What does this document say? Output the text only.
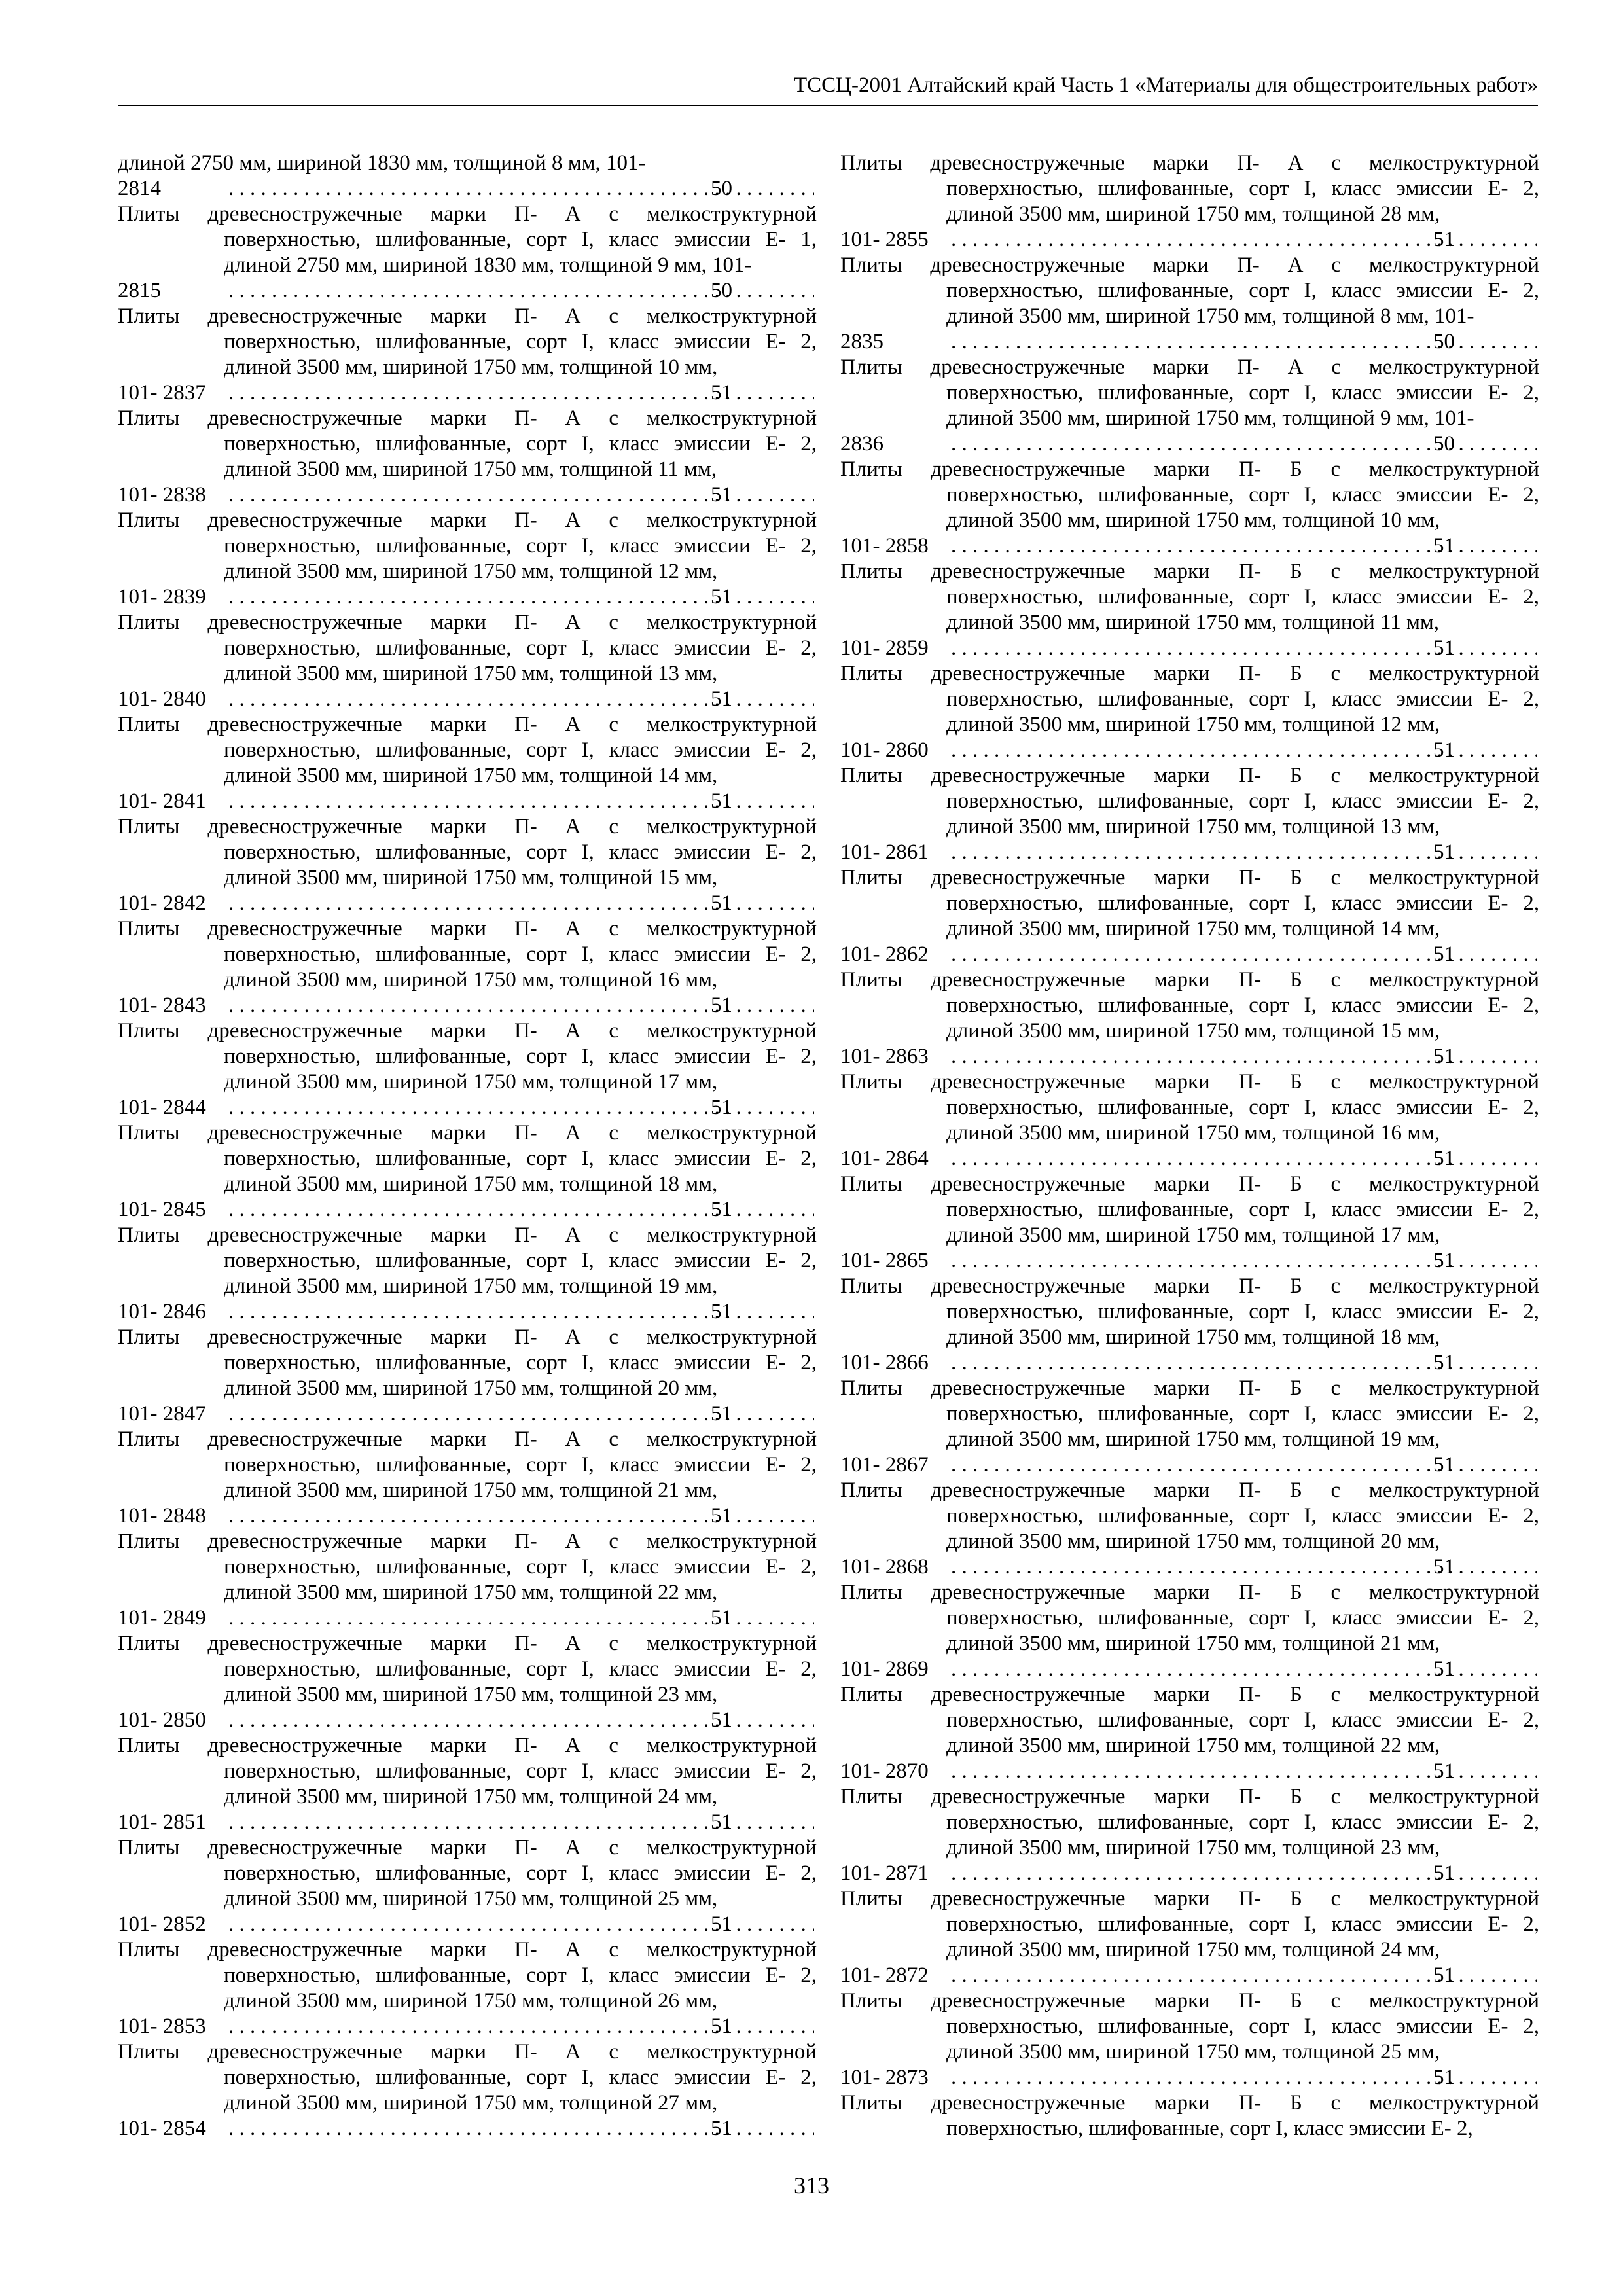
ТССЦ-2001 Алтайский край Часть 1 «Материалы для общестроительных работ»
длиной 2750 мм, шириной 1830 мм, толщиной 8 мм, 101-
2814 . . .	50
Плиты древесностружечные марки П- А с мелкоструктурной поверхностью, шлифованные, сорт I, класс эмиссии Е- 1, длиной 2750 мм, шириной 1830 мм, толщиной 9 мм, 101-
2815 . . .	50
Плиты древесностружечные марки П- А с мелкоструктурной поверхностью, шлифованные, сорт I, класс эмиссии Е- 2, длиной 3500 мм, шириной 1750 мм, толщиной 10 мм,
101- 2837 . . .	51
Плиты древесностружечные марки П- А с мелкоструктурной поверхностью, шлифованные, сорт I, класс эмиссии Е- 2, длиной 3500 мм, шириной 1750 мм, толщиной 11 мм,
101- 2838 . . .	51
Плиты древесностружечные марки П- А с мелкоструктурной поверхностью, шлифованные, сорт I, класс эмиссии Е- 2, длиной 3500 мм, шириной 1750 мм, толщиной 12 мм,
101- 2839 . . .	51
Плиты древесностружечные марки П- А с мелкоструктурной поверхностью, шлифованные, сорт I, класс эмиссии Е- 2, длиной 3500 мм, шириной 1750 мм, толщиной 13 мм,
101- 2840 . . .	51
Плиты древесностружечные марки П- А с мелкоструктурной поверхностью, шлифованные, сорт I, класс эмиссии Е- 2, длиной 3500 мм, шириной 1750 мм, толщиной 14 мм,
101- 2841 . . .	51
Плиты древесностружечные марки П- А с мелкоструктурной поверхностью, шлифованные, сорт I, класс эмиссии Е- 2, длиной 3500 мм, шириной 1750 мм, толщиной 15 мм,
101- 2842 . . .	51
Плиты древесностружечные марки П- А с мелкоструктурной поверхностью, шлифованные, сорт I, класс эмиссии Е- 2, длиной 3500 мм, шириной 1750 мм, толщиной 16 мм,
101- 2843 . . .	51
Плиты древесностружечные марки П- А с мелкоструктурной поверхностью, шлифованные, сорт I, класс эмиссии Е- 2, длиной 3500 мм, шириной 1750 мм, толщиной 17 мм,
101- 2844 . . .	51
Плиты древесностружечные марки П- А с мелкоструктурной поверхностью, шлифованные, сорт I, класс эмиссии Е- 2, длиной 3500 мм, шириной 1750 мм, толщиной 18 мм,
101- 2845 . . .	51
Плиты древесностружечные марки П- А с мелкоструктурной поверхностью, шлифованные, сорт I, класс эмиссии Е- 2, длиной 3500 мм, шириной 1750 мм, толщиной 19 мм,
101- 2846 . . .	51
Плиты древесностружечные марки П- А с мелкоструктурной поверхностью, шлифованные, сорт I, класс эмиссии Е- 2, длиной 3500 мм, шириной 1750 мм, толщиной 20 мм,
101- 2847 . . .	51
Плиты древесностружечные марки П- А с мелкоструктурной поверхностью, шлифованные, сорт I, класс эмиссии Е- 2, длиной 3500 мм, шириной 1750 мм, толщиной 21 мм,
101- 2848 . . .	51
Плиты древесностружечные марки П- А с мелкоструктурной поверхностью, шлифованные, сорт I, класс эмиссии Е- 2, длиной 3500 мм, шириной 1750 мм, толщиной 22 мм,
101- 2849 . . .	51
Плиты древесностружечные марки П- А с мелкоструктурной поверхностью, шлифованные, сорт I, класс эмиссии Е- 2, длиной 3500 мм, шириной 1750 мм, толщиной 23 мм,
101- 2850 . . .	51
Плиты древесностружечные марки П- А с мелкоструктурной поверхностью, шлифованные, сорт I, класс эмиссии Е- 2, длиной 3500 мм, шириной 1750 мм, толщиной 24 мм,
101- 2851 . . .	51
Плиты древесностружечные марки П- А с мелкоструктурной поверхностью, шлифованные, сорт I, класс эмиссии Е- 2, длиной 3500 мм, шириной 1750 мм, толщиной 25 мм,
101- 2852 . . .	51
Плиты древесностружечные марки П- А с мелкоструктурной поверхностью, шлифованные, сорт I, класс эмиссии Е- 2, длиной 3500 мм, шириной 1750 мм, толщиной 26 мм,
101- 2853 . . .	51
Плиты древесностружечные марки П- А с мелкоструктурной поверхностью, шлифованные, сорт I, класс эмиссии Е- 2, длиной 3500 мм, шириной 1750 мм, толщиной 27 мм,
101- 2854 . . .	51
Плиты древесностружечные марки П- А с мелкоструктурной поверхностью, шлифованные, сорт I, класс эмиссии Е- 2, длиной 3500 мм, шириной 1750 мм, толщиной 28 мм,
101- 2855 . . .	51
Плиты древесностружечные марки П- А с мелкоструктурной поверхностью, шлифованные, сорт I, класс эмиссии Е- 2, длиной 3500 мм, шириной 1750 мм, толщиной 8 мм, 101-
2835 . . .	50
Плиты древесностружечные марки П- А с мелкоструктурной поверхностью, шлифованные, сорт I, класс эмиссии Е- 2, длиной 3500 мм, шириной 1750 мм, толщиной 9 мм, 101-
2836 . . .	50
Плиты древесностружечные марки П- Б с мелкоструктурной поверхностью, шлифованные, сорт I, класс эмиссии Е- 2, длиной 3500 мм, шириной 1750 мм, толщиной 10 мм,
101- 2858 . . .	51
Плиты древесностружечные марки П- Б с мелкоструктурной поверхностью, шлифованные, сорт I, класс эмиссии Е- 2, длиной 3500 мм, шириной 1750 мм, толщиной 11 мм,
101- 2859 . . .	51
Плиты древесностружечные марки П- Б с мелкоструктурной поверхностью, шлифованные, сорт I, класс эмиссии Е- 2, длиной 3500 мм, шириной 1750 мм, толщиной 12 мм,
101- 2860 . . .	51
Плиты древесностружечные марки П- Б с мелкоструктурной поверхностью, шлифованные, сорт I, класс эмиссии Е- 2, длиной 3500 мм, шириной 1750 мм, толщиной 13 мм,
101- 2861 . . .	51
Плиты древесностружечные марки П- Б с мелкоструктурной поверхностью, шлифованные, сорт I, класс эмиссии Е- 2, длиной 3500 мм, шириной 1750 мм, толщиной 14 мм,
101- 2862 . . .	51
Плиты древесностружечные марки П- Б с мелкоструктурной поверхностью, шлифованные, сорт I, класс эмиссии Е- 2, длиной 3500 мм, шириной 1750 мм, толщиной 15 мм,
101- 2863 . . .	51
Плиты древесностружечные марки П- Б с мелкоструктурной поверхностью, шлифованные, сорт I, класс эмиссии Е- 2, длиной 3500 мм, шириной 1750 мм, толщиной 16 мм,
101- 2864 . . .	51
Плиты древесностружечные марки П- Б с мелкоструктурной поверхностью, шлифованные, сорт I, класс эмиссии Е- 2, длиной 3500 мм, шириной 1750 мм, толщиной 17 мм,
101- 2865 . . .	51
Плиты древесностружечные марки П- Б с мелкоструктурной поверхностью, шлифованные, сорт I, класс эмиссии Е- 2, длиной 3500 мм, шириной 1750 мм, толщиной 18 мм,
101- 2866 . . .	51
Плиты древесностружечные марки П- Б с мелкоструктурной поверхностью, шлифованные, сорт I, класс эмиссии Е- 2, длиной 3500 мм, шириной 1750 мм, толщиной 19 мм,
101- 2867 . . .	51
Плиты древесностружечные марки П- Б с мелкоструктурной поверхностью, шлифованные, сорт I, класс эмиссии Е- 2, длиной 3500 мм, шириной 1750 мм, толщиной 20 мм,
101- 2868 . . .	51
Плиты древесностружечные марки П- Б с мелкоструктурной поверхностью, шлифованные, сорт I, класс эмиссии Е- 2, длиной 3500 мм, шириной 1750 мм, толщиной 21 мм,
101- 2869 . . .	51
Плиты древесностружечные марки П- Б с мелкоструктурной поверхностью, шлифованные, сорт I, класс эмиссии Е- 2, длиной 3500 мм, шириной 1750 мм, толщиной 22 мм,
101- 2870 . . .	51
Плиты древесностружечные марки П- Б с мелкоструктурной поверхностью, шлифованные, сорт I, класс эмиссии Е- 2, длиной 3500 мм, шириной 1750 мм, толщиной 23 мм,
101- 2871 . . .	51
Плиты древесностружечные марки П- Б с мелкоструктурной поверхностью, шлифованные, сорт I, класс эмиссии Е- 2, длиной 3500 мм, шириной 1750 мм, толщиной 24 мм,
101- 2872 . . .	51
Плиты древесностружечные марки П- Б с мелкоструктурной поверхностью, шлифованные, сорт I, класс эмиссии Е- 2, длиной 3500 мм, шириной 1750 мм, толщиной 25 мм,
101- 2873 . . .	51
Плиты древесностружечные марки П- Б с мелкоструктурной поверхностью, шлифованные, сорт I, класс эмиссии Е- 2,
313
